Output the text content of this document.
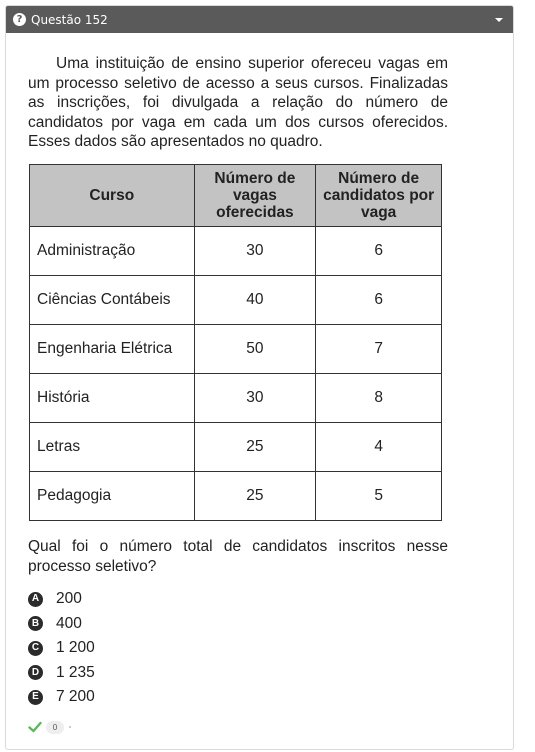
? Questão 152

Uma instituição de ensino superior ofereceu vagas em um processo seletivo de acesso a seus cursos. Finalizadas as inscrições, foi divulgada a relação do número de candidatos por vaga em cada um dos cursos oferecidos. Esses dados são apresentados no quadro.

Curso	Número de vagas oferecidas	Número de candidatos por vaga
Administração	30	6
Ciências Contábeis	40	6
Engenharia Elétrica	50	7
História	30	8
Letras	25	4
Pedagogia	25	5

Qual foi o número total de candidatos inscritos nesse processo seletivo?

A 200
B 400
C 1 200
D 1 235
E 7 200
0
